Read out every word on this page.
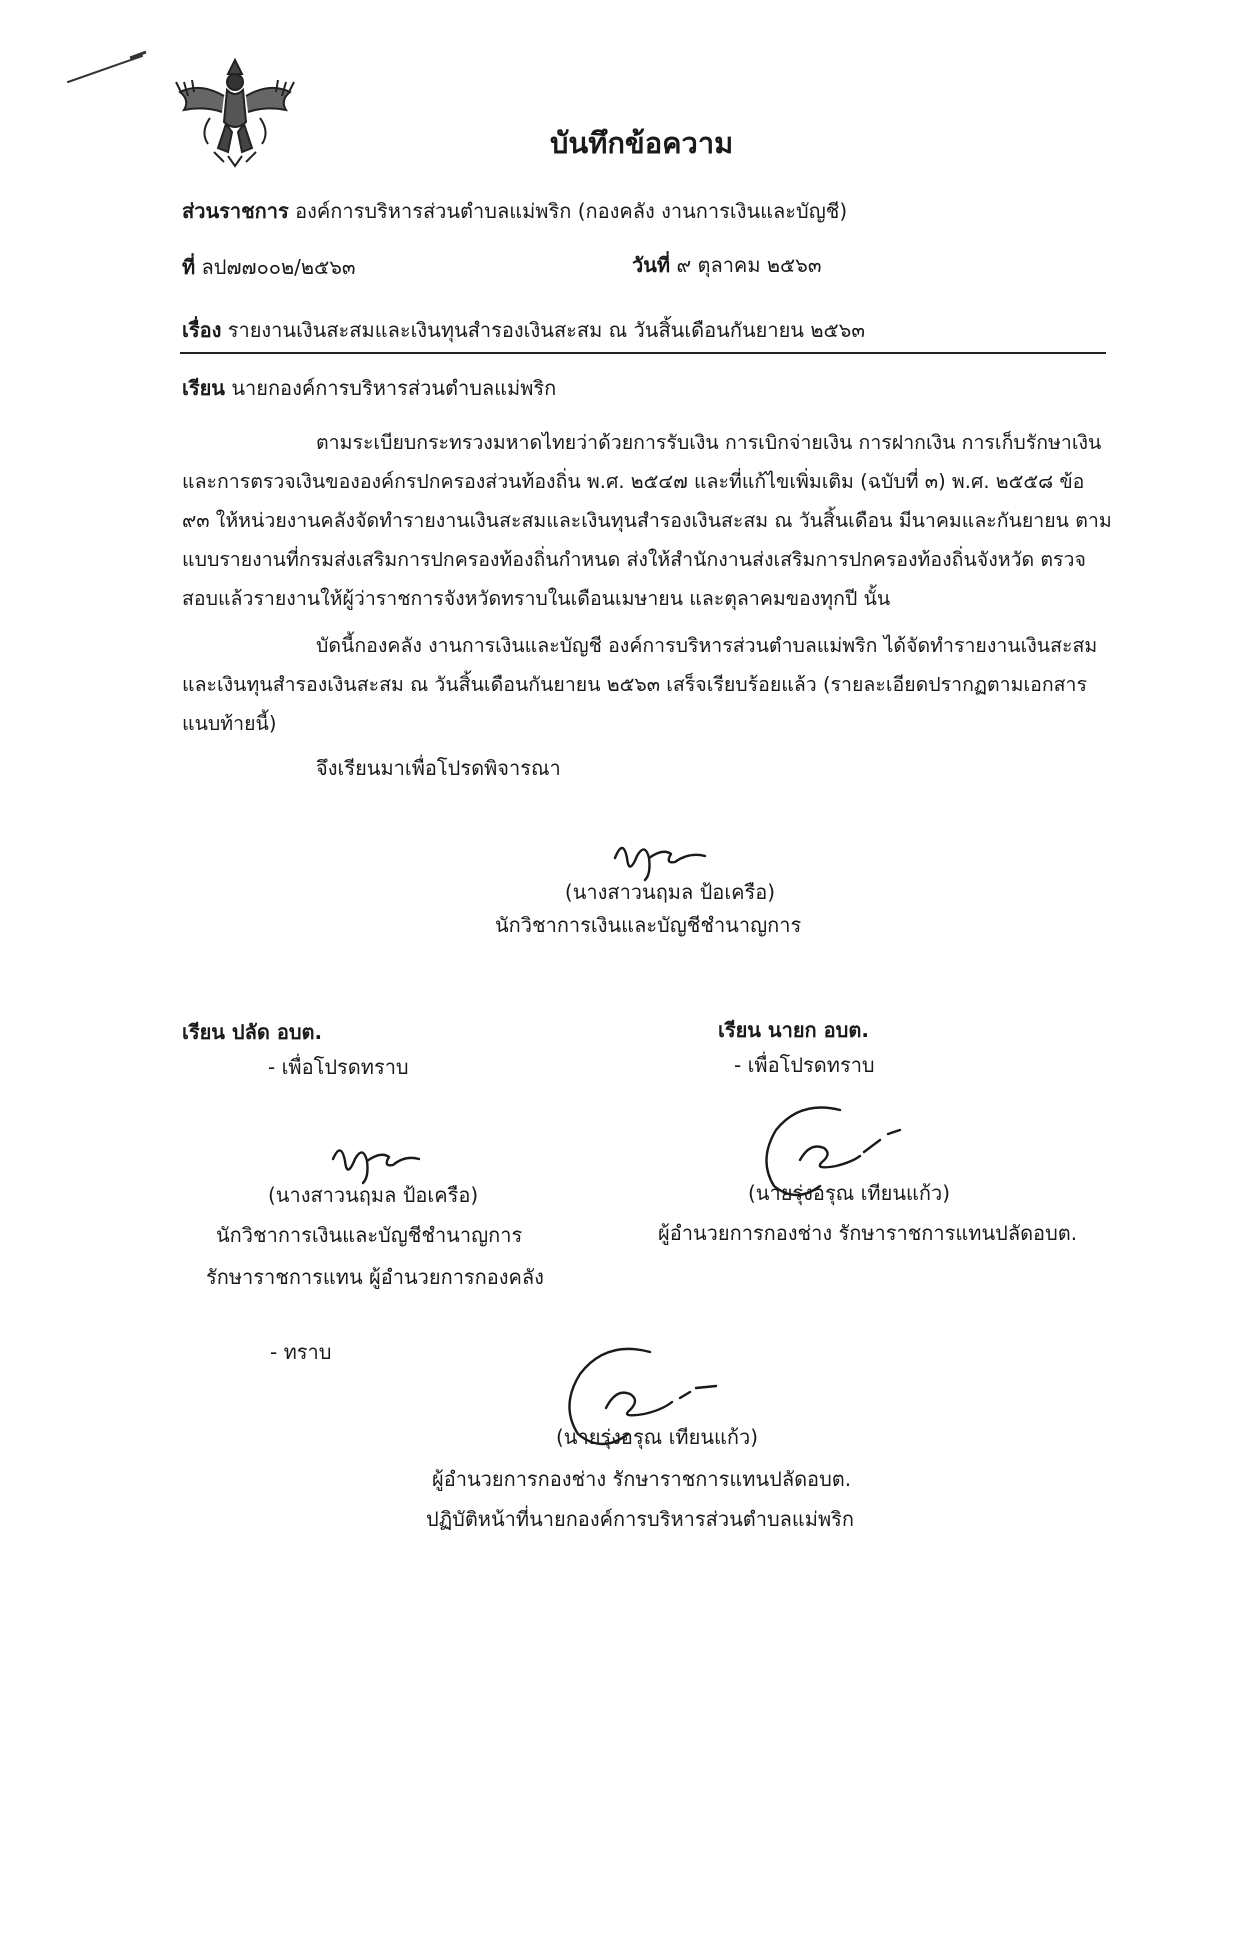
บันทึกข้อความ
ส่วนราชการ องค์การบริหารส่วนตำบลแม่พริก (กองคลัง งานการเงินและบัญชี)
ที่ ลป๗๗๐๐๒/๒๕๖๓	วันที่ ๙ ตุลาคม ๒๕๖๓
เรื่อง รายงานเงินสะสมและเงินทุนสำรองเงินสะสม ณ วันสิ้นเดือนกันยายน ๒๕๖๓
เรียน นายกองค์การบริหารส่วนตำบลแม่พริก

ตามระเบียบกระทรวงมหาดไทยว่าด้วยการรับเงิน การเบิกจ่ายเงิน การฝากเงิน การเก็บรักษาเงิน และการตรวจเงินขององค์กรปกครองส่วนท้องถิ่น พ.ศ. ๒๕๔๗ และที่แก้ไขเพิ่มเติม (ฉบับที่ ๓) พ.ศ. ๒๕๕๘ ข้อ ๙๓ ให้หน่วยงานคลังจัดทำรายงานเงินสะสมและเงินทุนสำรองเงินสะสม ณ วันสิ้นเดือน มีนาคมและกันยายน ตามแบบรายงานที่กรมส่งเสริมการปกครองท้องถิ่นกำหนด ส่งให้สำนักงานส่งเสริมการปกครองท้องถิ่นจังหวัด ตรวจสอบแล้วรายงานให้ผู้ว่าราชการจังหวัดทราบในเดือนเมษายน และตุลาคมของทุกปี นั้น

บัดนี้กองคลัง งานการเงินและบัญชี องค์การบริหารส่วนตำบลแม่พริก ได้จัดทำรายงานเงินสะสมและเงินทุนสำรองเงินสะสม ณ วันสิ้นเดือนกันยายน ๒๕๖๓ เสร็จเรียบร้อยแล้ว (รายละเอียดปรากฏตามเอกสารแนบท้ายนี้)

จึงเรียนมาเพื่อโปรดพิจารณา
(นางสาวนฤมล ป้อเครือ)
นักวิชาการเงินและบัญชีชำนาญการ
เรียน ปลัด อบต.
- เพื่อโปรดทราบ
(นางสาวนฤมล ป้อเครือ)
นักวิชาการเงินและบัญชีชำนาญการ
รักษาราชการแทน ผู้อำนวยการกองคลัง
เรียน นายก อบต.
- เพื่อโปรดทราบ
(นายรุ่งอรุณ เทียนแก้ว)
ผู้อำนวยการกองช่าง รักษาราชการแทนปลัดอบต.
- ทราบ
(นายรุ่งอรุณ เทียนแก้ว)
ผู้อำนวยการกองช่าง รักษาราชการแทนปลัดอบต.
ปฏิบัติหน้าที่นายกองค์การบริหารส่วนตำบลแม่พริก
